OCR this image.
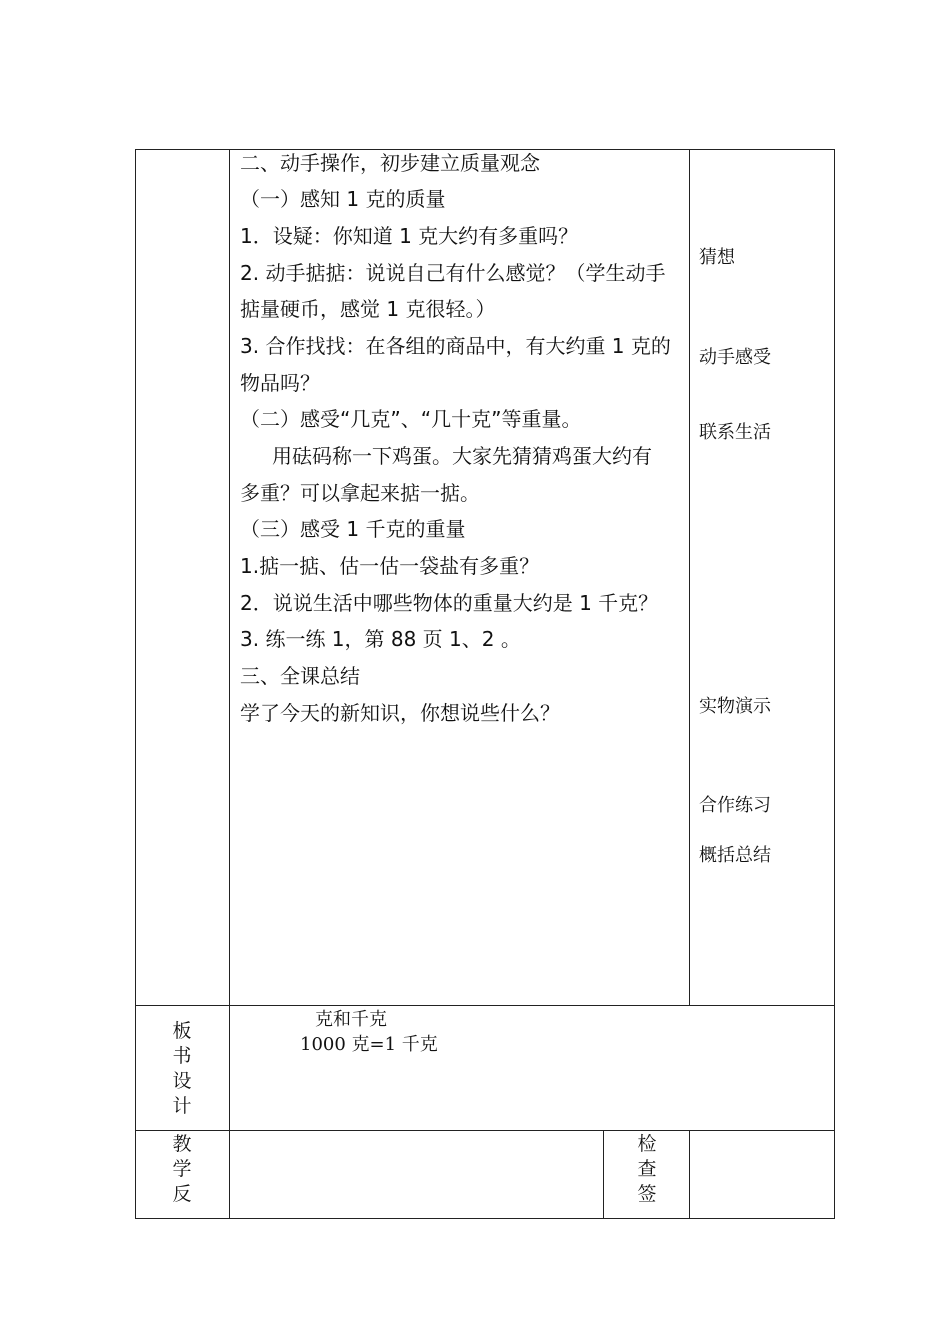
二、动手操作，初步建立质量观念
（一）感知 1 克的质量
1．设疑：你知道 1 克大约有多重吗？
2. 动手掂掂：说说自己有什么感觉？（学生动手
掂量硬币，感觉 1 克很轻。）
3. 合作找找：在各组的商品中，有大约重 1 克的
物品吗？
（二）感受“几克”、“几十克”等重量。
用砝码称一下鸡蛋。大家先猜猜鸡蛋大约有
多重？可以拿起来掂一掂。
（三）感受 1 千克的重量
1.掂一掂、估一估一袋盐有多重？
2．说说生活中哪些物体的重量大约是 1 千克？
3. 练一练 1，第 88 页 1、2 。
三、全课总结
学了今天的新知识，你想说些什么？
猜想
动手感受
联系生活
实物演示
合作练习
概括总结
板
书
设
计
克和千克
1000 克=1 千克
教
学
反
检
查
签
